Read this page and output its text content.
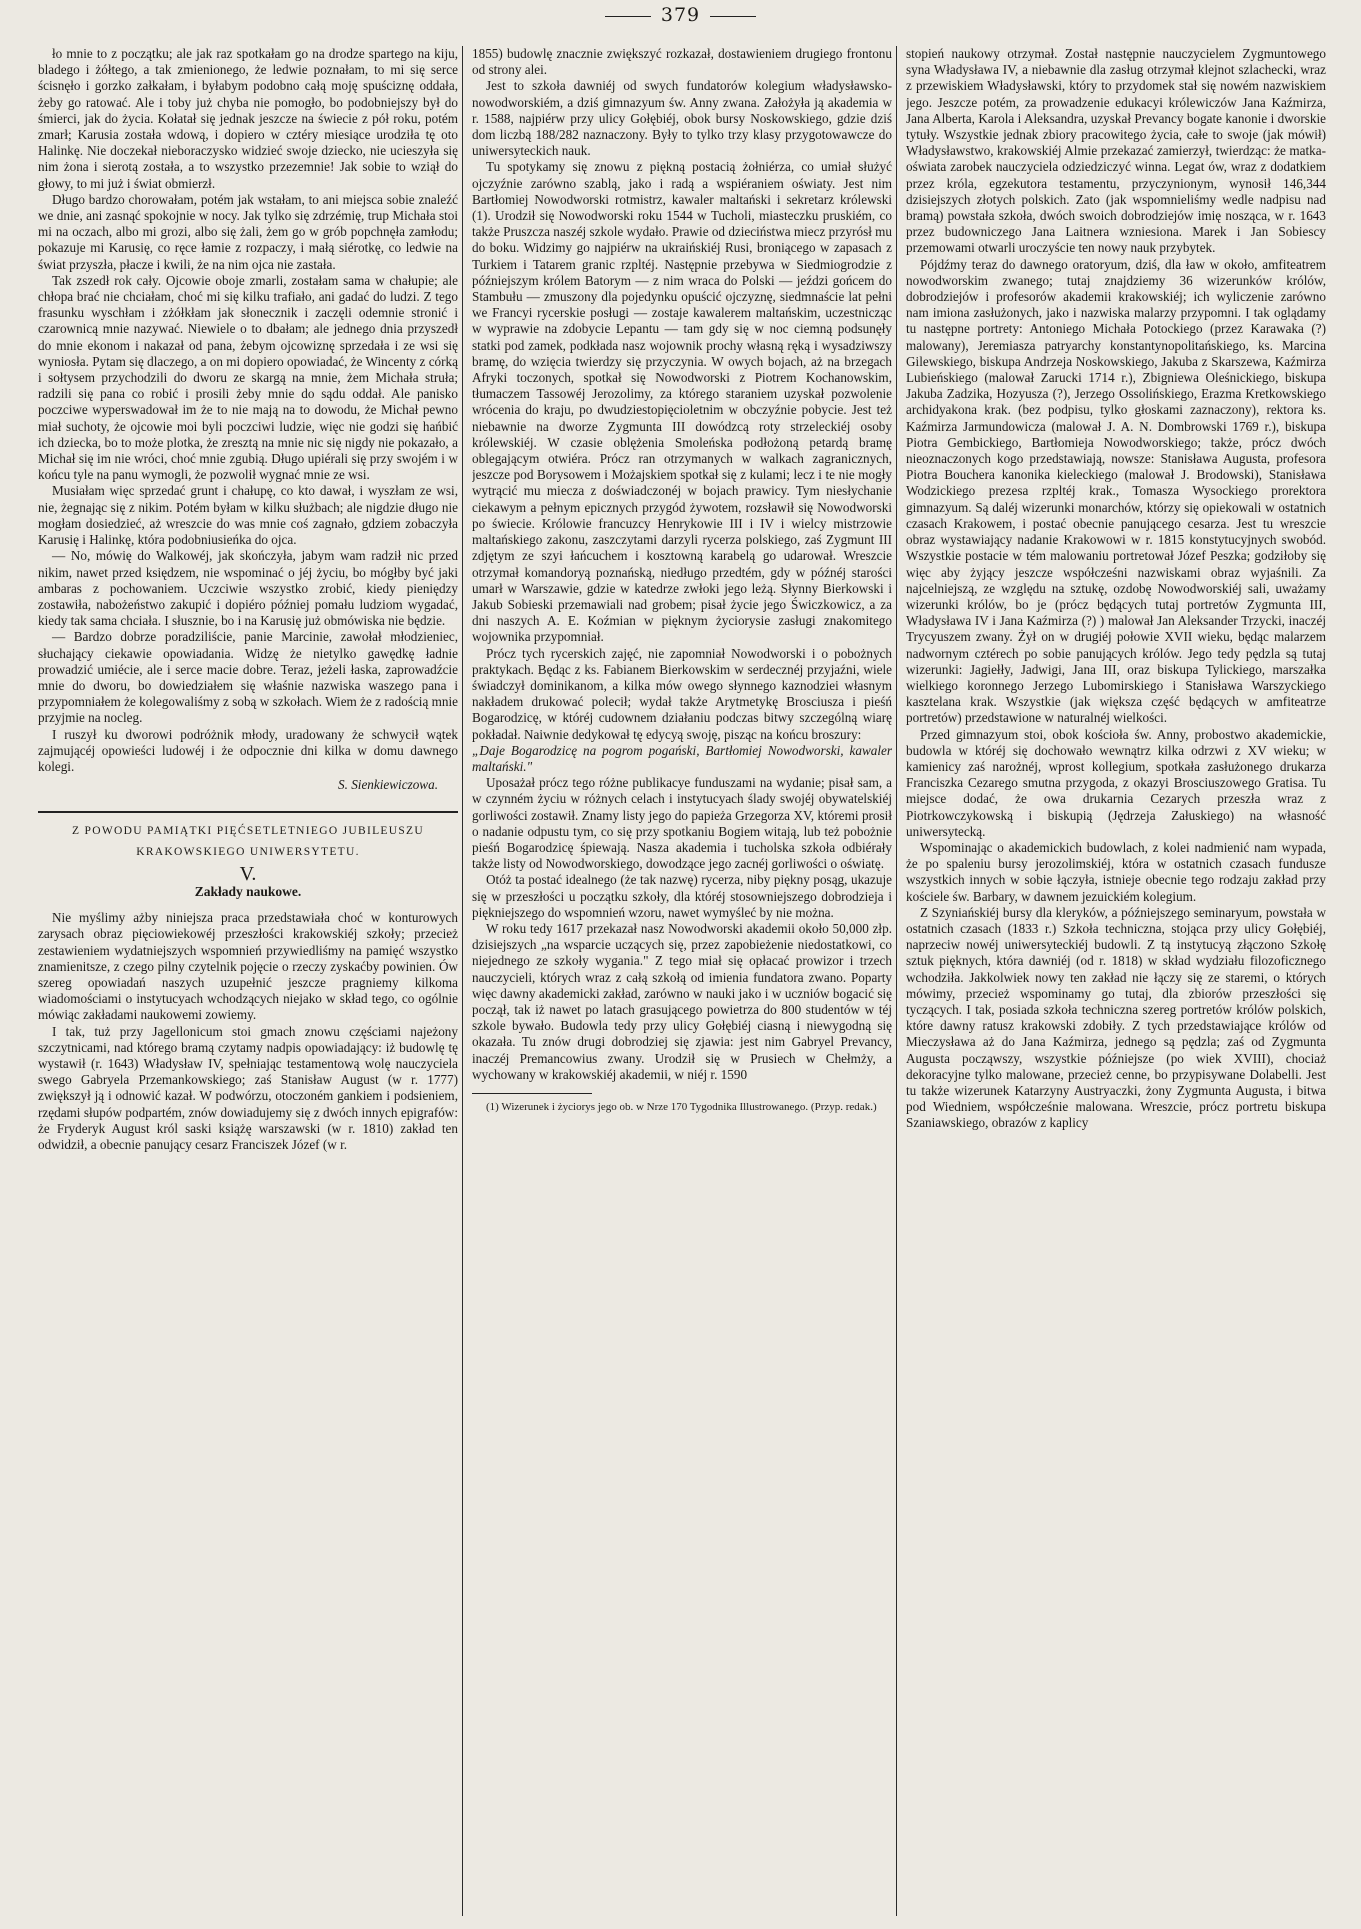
379

ło mnie to z początku; ale jak raz spotkałam go na drodze spartego na kiju, bladego i żółtego, a tak zmienionego, że ledwie poznałam, to mi się serce ścisnęło i gorzko załkałam, i byłabym podobno całą moję spuściznę oddała, żeby go ratować. Ale i toby już chyba nie pomogło, bo podobniejszy był do śmierci, jak do życia. Kołatał się jednak jeszcze na świecie z pół roku, potém zmarł; Karusia została wdową, i dopiero w cztéry miesiące urodziła tę oto Halinkę. Nie doczekał nieboraczysko widzieć swoje dziecko, nie ucieszyła się nim żona i sierotą została, a to wszystko przezemnie! Jak sobie to wziął do głowy, to mi już i świat obmierzł.

Długo bardzo chorowałam, potém jak wstałam, to ani miejsca sobie znaleźć we dnie, ani zasnąć spokojnie w nocy. Jak tylko się zdrzémię, trup Michała stoi mi na oczach, albo mi grozi, albo się żali, żem go w grób popchnęła zamłodu; pokazuje mi Karusię, co ręce łamie z rozpaczy, i małą siérotkę, co ledwie na świat przyszła, płacze i kwili, że na nim ojca nie zastała.

Tak zszedł rok cały. Ojcowie oboje zmarli, zostałam sama w chałupie; ale chłopa brać nie chciałam, choć mi się kilku trafiało, ani gadać do ludzi. Z tego frasunku wyschłam i zżółkłam jak słonecznik i zaczęli odemnie stronić i czarownicą mnie nazywać. Niewiele o to dbałam; ale jednego dnia przyszedł do mnie ekonom i nakazał od pana, żebym ojcowiznę sprzedała i ze wsi się wyniosła. Pytam się dlaczego, a on mi dopiero opowiadać, że Wincenty z córką i sołtysem przychodzili do dworu ze skargą na mnie, żem Michała struła; radzili się pana co robić i prosili żeby mnie do sądu oddał. Ale panisko poczciwe wyperswadował im że to nie mają na to dowodu, że Michał pewno miał suchoty, że ojcowie moi byli poczciwi ludzie, więc nie godzi się hańbić ich dziecka, bo to może plotka, że zresztą na mnie nic się nigdy nie pokazało, a Michał się im nie wróci, choć mnie zgubią. Długo upiérali się przy swojém i w końcu tyle na panu wymogli, że pozwolił wygnać mnie ze wsi.

Musiałam więc sprzedać grunt i chałupę, co kto dawał, i wyszłam ze wsi, nie, żegnając się z nikim. Potém byłam w kilku służbach; ale nigdzie długo nie mogłam dosiedzieć, aż wreszcie do was mnie coś zagnało, gdziem zobaczyła Karusię i Halinkę, która podobniusieńka do ojca.

— No, mówię do Walkowéj, jak skończyła, jabym wam radził nic przed nikim, nawet przed księdzem, nie wspominać o jéj życiu, bo mógłby być jaki ambaras z pochowaniem. Uczciwie wszystko zrobić, kiedy pieniędzy zostawiła, nabożeństwo zakupić i dopiéro później pomału ludziom wygadać, kiedy tak sama chciała. I słusznie, bo i na Karusię już obmówiska nie będzie.

— Bardzo dobrze poradziliście, panie Marcinie, zawołał młodzieniec, słuchający ciekawie opowiadania. Widzę że nietylko gawędkę ładnie prowadzić umiécie, ale i serce macie dobre. Teraz, jeżeli łaska, zaprowadźcie mnie do dworu, bo dowiedziałem się właśnie nazwiska waszego pana i przypomniałem że kolegowaliśmy z sobą w szkołach. Wiem że z radością mnie przyjmie na nocleg.

I ruszył ku dworowi podróżnik młody, uradowany że schwycił wątek zajmującéj opowieści ludowéj i że odpocznie dni kilka w domu dawnego kolegi.

S. Sienkiewiczowa.
Z POWODU PAMIĄTKI PIĘĆSETLETNIEGO JUBILEUSZU
KRAKOWSKIEGO UNIWERSYTETU.
V.
Zakłady naukowe.

Nie myślimy ażby niniejsza praca przedstawiała choć w konturowych zarysach obraz pięciowiekowéj przeszłości krakowskiéj szkoły; przecież zestawieniem wydatniejszych wspomnień przywiedliśmy na pamięć wszystko znamienitsze, z czego pilny czytelnik pojęcie o rzeczy zyskaćby powinien. Ów szereg opowiadań naszych uzupełnić jeszcze pragniemy kilkoma wiadomościami o instytucyach wchodzących niejako w skład tego, co ogólnie mówiąc zakładami naukowemi zowiemy.

I tak, tuż przy Jagellonicum stoi gmach znowu częściami najeżony szczytnicami, nad którego bramą czytamy nadpis opowiadający: iż budowlę tę wystawił (r. 1643) Władysław IV, spełniając testamentową wolę nauczyciela swego Gabryela Przemankowskiego; zaś Stanisław August (w r. 1777) zwiększył ją i odnowić kazał. W podwórzu, otoczoném gankiem i podsieniem, rzędami słupów podpartém, znów dowiadujemy się z dwóch innych epigrafów: że Fryderyk August król saski książę warszawski (w r. 1810) zakład ten odwidził, a obecnie panujący cesarz Franciszek Józef (w r.

1855) budowlę znacznie zwiększyć rozkazał, dostawieniem drugiego frontonu od strony alei.

Jest to szkoła dawniéj od swych fundatorów kolegium władysławsko-nowodworskiém, a dziś gimnazyum św. Anny zwana. Założyła ją akademia w r. 1588, najpiérw przy ulicy Gołębiéj, obok bursy Noskowskiego, gdzie dziś dom liczbą 188/282 naznaczony. Były to tylko trzy klasy przygotowawcze do uniwersyteckich nauk.

Tu spotykamy się znowu z piękną postacią żołniérza, co umiał służyć ojczyźnie zarówno szablą, jako i radą a wspiéraniem oświaty. Jest nim Bartłomiej Nowodworski rotmistrz, kawaler maltański i sekretarz królewski (1). Urodził się Nowodworski roku 1544 w Tucholi, miasteczku pruskiém, co także Pruszcza naszéj szkole wydało. Prawie od dzieciństwa miecz przyrósł mu do boku. Widzimy go najpiérw na ukraińskiéj Rusi, broniącego w zapasach z Turkiem i Tatarem granic rzpltéj. Następnie przebywa w Siedmiogrodzie z późniejszym królem Batorym — z nim wraca do Polski — jeździ gońcem do Stambułu — zmuszony dla pojedynku opuścić ojczyznę, siedmnaście lat pełni we Francyi rycerskie posługi — zostaje kawalerem maltańskim, uczestnicząc w wyprawie na zdobycie Lepantu — tam gdy się w noc ciemną podsunęły statki pod zamek, podkłada nasz wojownik prochy własną ręką i wysadziwszy bramę, do wzięcia twierdzy się przyczynia. W owych bojach, aż na brzegach Afryki toczonych, spotkał się Nowodworski z Piotrem Kochanowskim, tłumaczem Tassowéj Jerozolimy, za którego staraniem uzyskał pozwolenie wrócenia do kraju, po dwudziestopięcioletnim w obczyźnie pobycie. Jest też niebawnie na dworze Zygmunta III dowódzcą roty strzeleckiéj osoby królewskiéj. W czasie oblężenia Smoleńska podłożoną petardą bramę oblegającym otwiéra. Prócz ran otrzymanych w walkach zagranicznych, jeszcze pod Borysowem i Możajskiem spotkał się z kulami; lecz i te nie mogły wytrącić mu miecza z doświadczonéj w bojach prawicy. Tym niesłychanie ciekawym a pełnym epicznych przygód żywotem, rozsławił się Nowodworski po świecie. Królowie francuzcy Henrykowie III i IV i wielcy mistrzowie maltańskiego zakonu, zaszczytami darzyli rycerza polskiego, zaś Zygmunt III zdjętym ze szyi łańcuchem i kosztowną karabelą go udarował. Wreszcie otrzymał komandoryą poznańską, niedługo przedtém, gdy w późnéj starości umarł w Warszawie, gdzie w katedrze zwłoki jego leżą. Słynny Bierkowski i Jakub Sobieski przemawiali nad grobem; pisał życie jego Świczkowicz, a za dni naszych A. E. Koźmian w pięknym życiorysie zasługi znakomitego wojownika przypomniał.

Prócz tych rycerskich zajęć, nie zapomniał Nowodworski i o pobożnych praktykach. Będąc z ks. Fabianem Bierkowskim w serdecznéj przyjaźni, wiele świadczył dominikanom, a kilka mów owego słynnego kaznodziei własnym nakładem drukować polecił; wydał także Arytmetykę Brosciusza i pieśń Bogarodzicę, w któréj cudownem działaniu podczas bitwy szczególną wiarę pokładał. Naiwnie dedykował tę edycyą swoję, pisząc na końcu broszury:

„Daje Bogarodzicę na pogrom pogański, Bartłomiej Nowodworski, kawaler maltański."

Uposażał prócz tego różne publikacye funduszami na wydanie; pisał sam, a w czynném życiu w różnych celach i instytucyach ślady swojéj obywatelskiéj gorliwości zostawił. Znamy listy jego do papieża Grzegorza XV, któremi prosił o nadanie odpustu tym, co się przy spotkaniu Bogiem witają, lub też pobożnie pieśń Bogarodzicę śpiewają. Nasza akademia i tucholska szkoła odbiérały także listy od Nowodworskiego, dowodzące jego zacnéj gorliwości o oświatę.

Otóż ta postać idealnego (że tak nazwę) rycerza, niby piękny posąg, ukazuje się w przeszłości u początku szkoły, dla któréj stosowniejszego dobrodzieja i piękniejszego do wspomnień wzoru, nawet wymyśleć by nie można.

W roku tedy 1617 przekazał nasz Nowodworski akademii około 50,000 złp. dzisiejszych „na wsparcie uczących się, przez zapobieżenie niedostatkowi, co niejednego ze szkoły wygania." Z tego miał się opłacać prowizor i trzech nauczycieli, których wraz z całą szkołą od imienia fundatora zwano. Poparty więc dawny akademicki zakład, zarówno w nauki jako i w uczniów bogacić się począł, tak iż nawet po latach grasującego powietrza do 800 studentów w téj szkole bywało. Budowla tedy przy ulicy Gołębiéj ciasną i niewygodną się okazała. Tu znów drugi dobrodziej się zjawia: jest nim Gabryel Prevancy, inaczéj Premancowius zwany. Urodził się w Prusiech w Chełmży, a wychowany w krakowskiéj akademii, w niéj r. 1590

(1) Wizerunek i życiorys jego ob. w Nrze 170 Tygodnika Illustrowanego. (Przyp. redak.)

stopień naukowy otrzymał. Został następnie nauczycielem Zygmuntowego syna Władysława IV, a niebawnie dla zasług otrzymał klejnot szlachecki, wraz z przewiskiem Władysławski, który to przydomek stał się nowém nazwiskiem jego. Jeszcze potém, za prowadzenie edukacyi królewiczów Jana Kaźmirza, Jana Alberta, Karola i Aleksandra, uzyskał Prevancy bogate kanonie i dworskie tytuły. Wszystkie jednak zbiory pracowitego życia, całe to swoje (jak mówił) Władysławstwo, krakowskiéj Almie przekazać zamierzył, twierdząc: że matka-oświata zarobek nauczyciela odziedziczyć winna. Legat ów, wraz z dodatkiem przez króla, egzekutora testamentu, przyczynionym, wynosił 146,344 dzisiejszych złotych polskich. Zato (jak wspomnieliśmy wedle nadpisu nad bramą) powstała szkoła, dwóch swoich dobrodziejów imię nosząca, w r. 1643 przez budowniczego Jana Laitnera wzniesiona. Marek i Jan Sobiescy przemowami otwarli uroczyście ten nowy nauk przybytek.

Pójdźmy teraz do dawnego oratoryum, dziś, dla ław w około, amfiteatrem nowodworskim zwanego; tutaj znajdziemy 36 wizerunków królów, dobrodziejów i profesorów akademii krakowskiéj; ich wyliczenie zarówno nam imiona zasłużonych, jako i nazwiska malarzy przypomni. I tak oglądamy tu następne portrety: Antoniego Michała Potockiego (przez Karawaka (?) malowany), Jeremiasza patryarchy konstantynopolitańskiego, ks. Marcina Gilewskiego, biskupa Andrzeja Noskowskiego, Jakuba z Skarszewa, Kaźmirza Lubieńskiego (malował Zarucki 1714 r.), Zbigniewa Oleśnickiego, biskupa Jakuba Zadzika, Hozyusza (?), Jerzego Ossolińskiego, Erazma Kretkowskiego archidyakona krak. (bez podpisu, tylko głoskami zaznaczony), rektora ks. Kaźmirza Jarmundowicza (malował J. A. N. Dombrowski 1769 r.), biskupa Piotra Gembickiego, Bartłomieja Nowodworskiego; także, prócz dwóch nieoznaczonych kogo przedstawiają, nowsze: Stanisława Augusta, profesora Piotra Bouchera kanonika kieleckiego (malował J. Brodowski), Stanisława Wodzickiego prezesa rzpltéj krak., Tomasza Wysockiego prorektora gimnazyum. Są daléj wizerunki monarchów, którzy się opiekowali w ostatnich czasach Krakowem, i postać obecnie panującego cesarza. Jest tu wreszcie obraz wystawiający nadanie Krakowowi w r. 1815 konstytucyjnych swobód. Wszystkie postacie w tém malowaniu portretował Józef Peszka; godziłoby się więc aby żyjący jeszcze współcześni nazwiskami obraz wyjaśnili. Za najcelniejszą, ze względu na sztukę, ozdobę Nowodworskiéj sali, uważamy wizerunki królów, bo je (prócz będących tutaj portretów Zygmunta III, Władysława IV i Jana Kaźmirza (?) ) malował Jan Aleksander Trzycki, inaczéj Trycyuszem zwany. Żył on w drugiéj połowie XVII wieku, będąc malarzem nadwornym cztérech po sobie panujących królów. Jego tedy pędzla są tutaj wizerunki: Jagiełły, Jadwigi, Jana III, oraz biskupa Tylickiego, marszałka wielkiego koronnego Jerzego Lubomirskiego i Stanisława Warszyckiego kasztelana krak. Wszystkie (jak większa część będących w amfiteatrze portretów) przedstawione w naturalnéj wielkości.

Przed gimnazyum stoi, obok kościoła św. Anny, probostwo akademickie, budowla w któréj się dochowało wewnątrz kilka odrzwi z XV wieku; w kamienicy zaś narożnéj, wprost kollegium, spotkała zasłużonego drukarza Franciszka Cezarego smutna przygoda, z okazyi Brosciuszowego Gratisa. Tu miejsce dodać, że owa drukarnia Cezarych przeszła wraz z Piotrkowczykowską i biskupią (Jędrzeja Załuskiego) na własność uniwersytecką.

Wspominając o akademickich budowlach, z kolei nadmienić nam wypada, że po spaleniu bursy jerozolimskiéj, która w ostatnich czasach fundusze wszystkich innych w sobie łączyła, istnieje obecnie tego rodzaju zakład przy kościele św. Barbary, w dawnem jezuickiém kolegium.

Z Szyniańskiéj bursy dla kleryków, a późniejszego seminaryum, powstała w ostatnich czasach (1833 r.) Szkoła techniczna, stojąca przy ulicy Gołębiéj, naprzeciw nowéj uniwersyteckiéj budowli. Z tą instytucyą złączono Szkołę sztuk pięknych, która dawniéj (od r. 1818) w skład wydziału filozoficznego wchodziła. Jakkolwiek nowy ten zakład nie łączy się ze staremi, o których mówimy, przecież wspominamy go tutaj, dla zbiorów przeszłości się tyczących. I tak, posiada szkoła techniczna szereg portretów królów polskich, które dawny ratusz krakowski zdobiły. Z tych przedstawiające królów od Mieczysława aż do Jana Kaźmirza, jednego są pędzla; zaś od Zygmunta Augusta począwszy, wszystkie późniejsze (po wiek XVIII), chociaż dekoracyjne tylko malowane, przecież cenne, bo przypisywane Dolabelli. Jest tu także wizerunek Katarzyny Austryaczki, żony Zygmunta Augusta, i bitwa pod Wiedniem, współcześnie malowana. Wreszcie, prócz portretu biskupa Szaniawskiego, obrazów z kaplicy
